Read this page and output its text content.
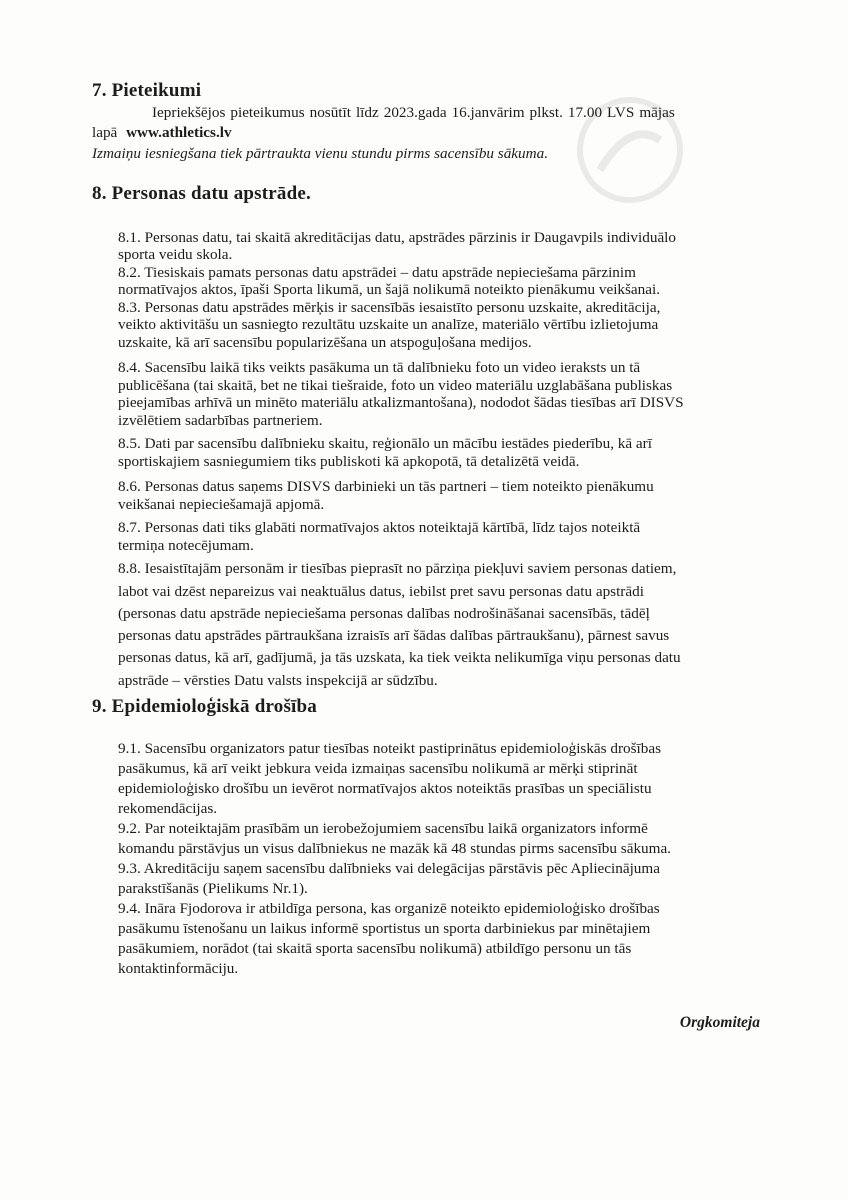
7. Pieteikumi
Iepriekšējos pieteikumus nosūtīt līdz 2023.gada 16.janvārim plkst. 17.00 LVS mājas
lapā www.athletics.lv
Izmaiņu iesniegšana tiek pārtraukta vienu stundu pirms sacensību sākuma.
8. Personas datu apstrāde.
8.1. Personas datu, tai skaitā akreditācijas datu, apstrādes pārzinis ir Daugavpils individuālo
sporta veidu skola.
8.2. Tiesiskais pamats personas datu apstrādei – datu apstrāde nepieciešama pārzinim
normatīvajos aktos, īpaši Sporta likumā, un šajā nolikumā noteikto pienākumu veikšanai.
8.3. Personas datu apstrādes mērķis ir sacensībās iesaistīto personu uzskaite, akreditācija,
veikto aktivitāšu un sasniegto rezultātu uzskaite un analīze, materiālo vērtību izlietojuma
uzskaite, kā arī sacensību popularizēšana un atspoguļošana medijos.
8.4. Sacensību laikā tiks veikts pasākuma un tā dalībnieku foto un video ieraksts un tā
publicēšana (tai skaitā, bet ne tikai tiešraide, foto un video materiālu uzglabāšana publiskas
pieejamības arhīvā un minēto materiālu atkalizmantošana), nododot šādas tiesības arī DISVS
izvēlētiem sadarbības partneriem.
8.5. Dati par sacensību dalībnieku skaitu, reģionālo un mācību iestādes piederību, kā arī
sportiskajiem sasniegumiem tiks publiskoti kā apkopotā, tā detalizētā veidā.
8.6. Personas datus saņems DISVS darbinieki un tās partneri – tiem noteikto pienākumu
veikšanai nepieciešamajā apjomā.
8.7. Personas dati tiks glabāti normatīvajos aktos noteiktajā kārtībā, līdz tajos noteiktā
termiņa notecējumam.
8.8. Iesaistītajām personām ir tiesības pieprasīt no pārziņa piekļuvi saviem personas datiem,
labot vai dzēst nepareizus vai neaktuālus datus, iebilst pret savu personas datu apstrādi
(personas datu apstrāde nepieciešama personas dalības nodrošināšanai sacensībās, tādēļ
personas datu apstrādes pārtraukšana izraisīs arī šādas dalības pārtraukšanu), pārnest savus
personas datus, kā arī, gadījumā, ja tās uzskata, ka tiek veikta nelikumīga viņu personas datu
apstrāde – vērsties Datu valsts inspekcijā ar sūdzību.
9. Epidemioloģiskā drošība
9.1. Sacensību organizators patur tiesības noteikt pastiprinātus epidemioloģiskās drošības
pasākumus, kā arī veikt jebkura veida izmaiņas sacensību nolikumā ar mērķi stiprināt
epidemioloģisko drošību un ievērot normatīvajos aktos noteiktās prasības un speciālistu
rekomendācijas.
9.2. Par noteiktajām prasībām un ierobežojumiem sacensību laikā organizators informē
komandu pārstāvjus un visus dalībniekus ne mazāk kā 48 stundas pirms sacensību sākuma.
9.3. Akreditāciju saņem sacensību dalībnieks vai delegācijas pārstāvis pēc Apliecinājuma
parakstīšanās (Pielikums Nr.1).
9.4. Ināra Fjodorova ir atbildīga persona, kas organizē noteikto epidemioloģisko drošības
pasākumu īstenošanu un laikus informē sportistus un sporta darbiniekus par minētajiem
pasākumiem, norādot (tai skaitā sporta sacensību nolikumā) atbildīgo personu un tās
kontaktinformāciju.
Orgkomiteja
